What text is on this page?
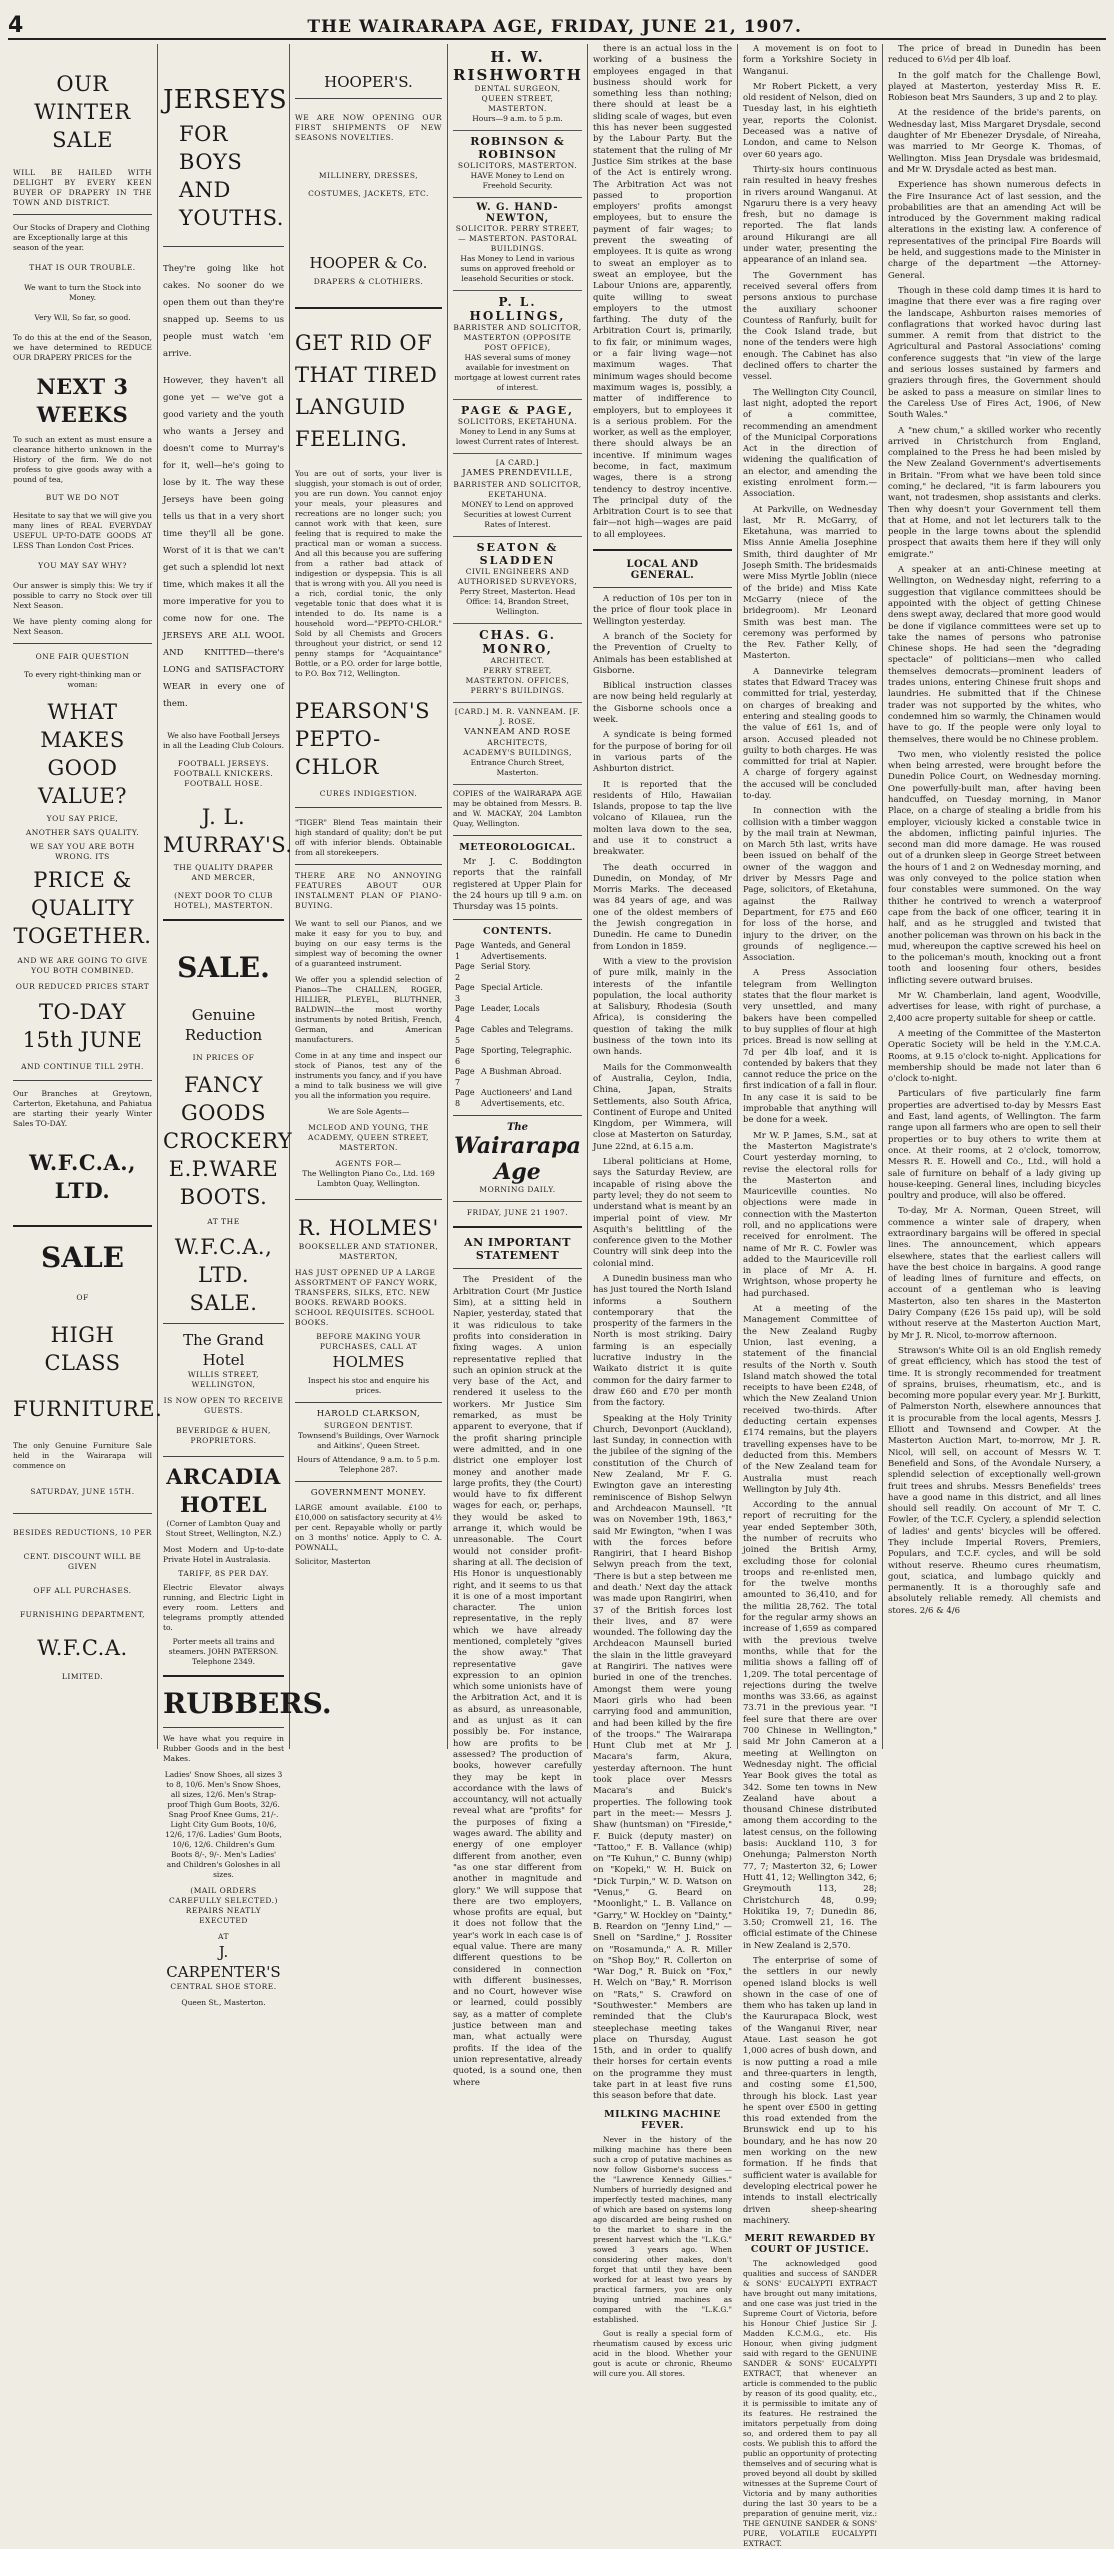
4	THE WAIRARAPA AGE, FRIDAY, JUNE 21, 1907.
OUR WINTER
SALE
WILL BE HAILED WITH DELIGHT BY EVERY KEEN BUYER OF DRAPERY IN THE TOWN AND DISTRICT.
Our Stocks of Drapery and Clothing are Exceptionally large at this season of the year.
THAT IS OUR TROUBLE.
We want to turn the Stock into Money.
Very W.ll, So far, so good.
To do this at the end of the Season, we have determined to REDUCE OUR DRAPERY PRICES for the
NEXT 3 WEEKS
To such an extent as must ensure a clearance hitherto unknown in the History of the firm. We do not profess to give goods away with a pound of tea,
BUT WE DO NOT
Hesitate to say that we will give you many lines of REAL EVERYDAY USEFUL UP-TO-DATE GOODS AT LESS Than London Cost Prices.
YOU MAY SAY WHY?
Our answer is simply this: We try if possible to carry no Stock over till Next Season.
We have plenty coming along for Next Season.
ONE FAIR QUESTION
To every right-thinking man or woman:
WHAT MAKES
GOOD VALUE?
YOU SAY PRICE,
ANOTHER SAYS QUALITY.
WE SAY YOU ARE BOTH WRONG. ITS
PRICE & QUALITY
TOGETHER.
AND WE ARE GOING TO GIVE YOU BOTH COMBINED.
OUR REDUCED PRICES START
TO-DAY 15th JUNE
AND CONTINUE TILL 29TH.
Our Branches at Greytown, Carterton, Eketahuna, and Pahiatua are starting their yearly Winter Sales TO-DAY.
W.F.C.A., LTD.
SALE
OF
HIGH CLASS
FURNITURE.
The only Genuine Furniture Sale held in the Wairarapa will commence on
SATURDAY, JUNE 15TH.
BESIDES REDUCTIONS, 10 PER
CENT. DISCOUNT WILL BE GIVEN
OFF ALL PURCHASES.
FURNISHING DEPARTMENT,
W.F.C.A.
LIMITED.
JERSEYS
FOR
BOYS
AND
YOUTHS.
They're going like hot cakes. No sooner do we open them out than they're snapped up. Seems to us people must watch 'em arrive.
However, they haven't all gone yet — we've got a good variety and the youth who wants a Jersey and doesn't come to Murray's for it, well—he's going to lose by it. The way these Jerseys have been going tells us that in a very short time they'll all be gone. Worst of it is that we can't get such a splendid lot next time, which makes it all the more imperative for you to come now for one. The JERSEYS ARE ALL WOOL AND KNITTED—there's LONG and SATISFACTORY WEAR in every one of them.
We also have Football Jerseys in all the Leading Club Colours.
FOOTBALL JERSEYS. FOOTBALL KNICKERS. FOOTBALL HOSE.
J. L. MURRAY'S.
THE QUALITY DRAPER AND MERCER,
(NEXT DOOR TO CLUB HOTEL), MASTERTON.
SALE.
Genuine Reduction
IN PRICES OF
FANCY GOODS
CROCKERY
E.P.WARE
BOOTS.
AT THE
W.F.C.A., LTD.
SALE.
The Grand Hotel
WILLIS STREET, WELLINGTON,
IS NOW OPEN TO RECEIVE GUESTS.
BEVERIDGE & HUEN, PROPRIETORS.
ARCADIA HOTEL
(Corner of Lambton Quay and Stout Street, Wellington, N.Z.)
Most Modern and Up-to-date Private Hotel in Australasia.
TARIFF, 8S PER DAY.
Electric Elevator always running, and Electric Light in every room. Letters and telegrams promptly attended to.
Porter meets all trains and steamers. JOHN PATERSON. Telephone 2349.
RUBBERS.
We have what you require in Rubber Goods and in the best Makes.
Ladies' Snow Shoes, all sizes 3 to 8, 10/6. Men's Snow Shoes, all sizes, 12/6. Men's Strap-proof Thigh Gum Boots, 32/6. Snag Proof Knee Gums, 21/-. Light City Gum Boots, 10/6, 12/6, 17/6. Ladies' Gum Boots, 10/6, 12/6. Children's Gum Boots 8/-, 9/-. Men's Ladies' and Children's Goloshes in all sizes.
(MAIL ORDERS CAREFULLY SELECTED.) REPAIRS NEATLY EXECUTED
AT
J. CARPENTER'S
CENTRAL SHOE STORE.
Queen St., Masterton.
HOOPER'S.
WE ARE NOW OPENING OUR FIRST SHIPMENTS OF NEW SEASONS NOVELTIES.
MILLINERY, DRESSES, COSTUMES, JACKETS, ETC.
HOOPER & Co.
DRAPERS & CLOTHIERS.
GET RID OF
THAT TIRED
LANGUID
FEELING.
You are out of sorts, your liver is sluggish, your stomach is out of order, you are run down. You cannot enjoy your meals, your pleasures and recreations are no longer such; you cannot work with that keen, sure feeling that is required to make the practical man or woman a success. And all this because you are suffering from a rather bad attack of indigestion or dyspepsia. This is all that is wrong with you. All you need is a rich, cordial tonic, the only vegetable tonic that does what it is intended to do. Its name is a household word—"PEPTO-CHLOR." Sold by all Chemists and Grocers throughout your district, or send 12 penny stamps for "Acquaintance" Bottle, or a P.O. order for large bottle, to P.O. Box 712, Wellington.
PEARSON'S
PEPTO-CHLOR
CURES INDIGESTION.
"TIGER" Blend Teas maintain their high standard of quality; don't be put off with inferior blends. Obtainable from all storekeepers.
THERE ARE NO ANNOYING FEATURES ABOUT OUR INSTALMENT PLAN OF PIANO-BUYING.
We want to sell our Pianos, and we make it easy for you to buy, and buying on our easy terms is the simplest way of becoming the owner of a guaranteed instrument.
We offer you a splendid selection of Pianos—The CHALLEN, ROGER, HILLIER, PLEYEL, BLUTHNER, BALDWIN—the most worthy instruments by noted British, French, German, and American manufacturers.
Come in at any time and inspect our stock of Pianos, test any of the instruments you fancy, and if you have a mind to talk business we will give you all the information you require.
We are Sole Agents—
MCLEOD AND YOUNG, THE ACADEMY, QUEEN STREET, MASTERTON.
AGENTS FOR—
The Wellington Piano Co., Ltd. 169 Lambton Quay, Wellington.
R. HOLMES'
BOOKSELLER AND STATIONER,
MASTERTON,
HAS JUST OPENED UP A LARGE ASSORTMENT OF FANCY WORK, TRANSFERS, SILKS, ETC. NEW BOOKS. REWARD BOOKS. SCHOOL REQUISITES. SCHOOL BOOKS.
BEFORE MAKING YOUR PURCHASES, CALL AT
HOLMES
Inspect his stoc and enquire his prices.
HAROLD CLARKSON,
SURGEON DENTIST.
Townsend's Buildings, Over Warnock and Aitkins', Queen Street.
Hours of Attendance, 9 a.m. to 5 p.m. Telephone 287.
GOVERNMENT MONEY.
LARGE amount available. £100 to £10,000 on satisfactory security at 4½ per cent. Repayable wholly or partly on 3 months' notice. Apply to C. A. POWNALL,
Solicitor, Masterton
H. W. RISHWORTH
DENTAL SURGEON,
QUEEN STREET, MASTERTON.
Hours—9 a.m. to 5 p.m.
ROBINSON & ROBINSON
SOLICITORS, MASTERTON.
HAVE Money to Lend on Freehold Security.
W. G. HAND-NEWTON,
SOLICITOR. PERRY STREET, — MASTERTON. PASTORAL BUILDINGS.
Has Money to Lend in various sums on approved freehold or leasehold Securities or stock.
P. L. HOLLINGS,
BARRISTER AND SOLICITOR,
MASTERTON (OPPOSITE POST OFFICE),
HAS several sums of money available for investment on mortgage at lowest current rates of interest.
PAGE & PAGE,
SOLICITORS, EKETAHUNA.
Money to Lend in any Sums at lowest Current rates of Interest.
[A CARD.]
JAMES PRENDEVILLE,
BARRISTER AND SOLICITOR, EKETAHUNA.
MONEY to Lend on approved Securities at lowest Current Rates of Interest.
SEATON & SLADDEN
CIVIL ENGINEERS AND AUTHORISED SURVEYORS,
Perry Street, Masterton. Head Office: 14, Brandon Street, Wellington.
CHAS. G. MONRO,
ARCHITECT.
PERRY STREET, MASTERTON. OFFICES, PERRY'S BUILDINGS.
[CARD.] M. R. VANNEAM. [F. J. ROSE.
VANNEAM AND ROSE
ARCHITECTS,
ACADEMY'S BUILDINGS,
Entrance Church Street, Masterton.
COPIES of the WAIRARAPA AGE may be obtained from Messrs. B. and W. MACKAY, 204 Lambton Quay, Wellington.
METEOROLOGICAL.
Mr J. C. Boddington reports that the rainfall registered at Upper Plain for the 24 hours up till 9 a.m. on Thursday was 15 points.
CONTENTS.
Page 1	Wanteds, and General Advertisements.
Page 2	Serial Story.
Page 3	Special Article.
Page 4	Leader, Locals
Page 5	Cables and Telegrams.
Page 6	Sporting, Telegraphic.
Page 7	A Bushman Abroad.
Page 8	Auctioneers' and Land Advertisements, etc.
The
Wairarapa Age
MORNING DAILY.
FRIDAY, JUNE 21 1907.
AN IMPORTANT STATEMENT
The President of the Arbitration Court (Mr Justice Sim), at a sitting held in Napier, yesterday, stated that it was ridiculous to take profits into consideration in fixing wages. A union representative replied that such an opinion struck at the very base of the Act, and rendered it useless to the workers. Mr Justice Sim remarked, as must be apparent to everyone, that if the profit sharing principle were admitted, and in one district one employer lost money and another made large profits, they (the Court) would have to fix different wages for each, or, perhaps, they would be asked to arrange it, which would be unreasonable. The Court would not consider profit-sharing at all. The decision of His Honor is unquestionably right, and it seems to us that it is one of a most important character. The union representative, in the reply which we have already mentioned, completely "gives the show away." That representative gave expression to an opinion which some unionists have of the Arbitration Act, and it is as absurd, as unreasonable, and as unjust as it can possibly be. For instance, how are profits to be assessed? The production of books, however carefully they may be kept in accordance with the laws of accountancy, will not actually reveal what are "profits" for the purposes of fixing a wages award. The ability and energy of one employer different from another, even "as one star different from another in magnitude and glory." We will suppose that there are two employers, whose profits are equal, but it does not follow that the year's work in each case is of equal value. There are many different questions to be considered in connection with different businesses, and no Court, however wise or learned, could possibly say, as a matter of complete justice between man and man, what actually were profits. If the idea of the union representative, already quoted, is a sound one, then where
there is an actual loss in the working of a business the employees engaged in that business should work for something less than nothing; there should at least be a sliding scale of wages, but even this has never been suggested by the Labour Party. But the statement that the ruling of Mr Justice Sim strikes at the base of the Act is entirely wrong. The Arbitration Act was not passed to proportion employers' profits amongst employees, but to ensure the payment of fair wages; to prevent the sweating of employees. It is quite as wrong to sweat an employer as to sweat an employee, but the Labour Unions are, apparently, quite willing to sweat employers to the utmost farthing. The duty of the Arbitration Court is, primarily, to fix fair, or minimum wages, or a fair living wage—not maximum wages. That minimum wages should become maximum wages is, possibly, a matter of indifference to employers, but to employees it is a serious problem. For the worker, as well as the employer, there should always be an incentive. If minimum wages become, in fact, maximum wages, there is a strong tendency to destroy incentive. The principal duty of the Arbitration Court is to see that fair—not high—wages are paid to all employees.
LOCAL AND GENERAL.
A reduction of 10s per ton in the price of flour took place in Wellington yesterday.
A branch of the Society for the Prevention of Cruelty to Animals has been established at Gisborne.
Biblical instruction classes are now being held regularly at the Gisborne schools once a week.
A syndicate is being formed for the purpose of boring for oil in various parts of the Ashburton district.
It is reported that the residents of Hilo, Hawaiian Islands, propose to tap the live volcano of Kilauea, run the molten lava down to the sea, and use it to construct a breakwater.
The death occurred in Dunedin, on Monday, of Mr Morris Marks. The deceased was 84 years of age, and was one of the oldest members of the Jewish congregation in Dunedin. He came to Dunedin from London in 1859.
With a view to the provision of pure milk, mainly in the interests of the infantile population, the local authority at Salisbury, Rhodesia (South Africa), is considering the question of taking the milk business of the town into its own hands.
Mails for the Commonwealth of Australia, Ceylon, India, China, Japan, Straits Settlements, also South Africa, Continent of Europe and United Kingdom, per Wimmera, will close at Masterton on Saturday, June 22nd, at 6.15 a.m.
Liberal politicians at Home, says the Saturday Review, are incapable of rising above the party level; they do not seem to understand what is meant by an imperial point of view. Mr Asquith's belittling of the conference given to the Mother Country will sink deep into the colonial mind.
A Dunedin business man who has just toured the North Island informs a Southern contemporary that the prosperity of the farmers in the North is most striking. Dairy farming is an especially lucrative industry in the Waikato district it is quite common for the dairy farmer to draw £60 and £70 per month from the factory.
Speaking at the Holy Trinity Church, Devonport (Auckland), last Sunday, in connection with the jubilee of the signing of the constitution of the Church of New Zealand, Mr F. G. Ewington gave an interesting reminiscence of Bishop Selwyn and Archdeacon Maunsell. "It was on November 19th, 1863," said Mr Ewington, "when I was with the forces before Rangiriri, that I heard Bishop Selwyn preach from the text, 'There is but a step between me and death.' Next day the attack was made upon Rangiriri, when 37 of the British forces lost their lives, and 87 were wounded. The following day the Archdeacon Maunsell buried the slain in the little graveyard at Rangiriri. The natives were buried in one of the trenches. Amongst them were young Maori girls who had been carrying food and ammunition, and had been killed by the fire of the troops." The Wairarapa Hunt Club met at Mr J. Macara's farm, Akura, yesterday afternoon. The hunt took place over Messrs Macara's and Buick's properties. The following took part in the meet:— Messrs J. Shaw (huntsman) on "Fireside," F. Buick (deputy master) on "Tattoo," F. B. Vallance (whip) on "Te Kuhun," C. Bunny (whip) on "Kopeki," W. H. Buick on "Dick Turpin," W. D. Watson on "Venus," G. Beard on "Moonlight," L. B. Vallance on "Garry," W. Hockley on "Dainty," B. Reardon on "Jenny Lind," — Snell on "Sardine," J. Rossiter on "Rosamunda," A. R. Miller on "Shop Boy," R. Collerton on "War Dog," R. Buick on "Fox," H. Welch on "Bay," R. Morrison on "Rats," S. Crawford on "Southwester." Members are reminded that the Club's steeplechase meeting takes place on Thursday, August 15th, and in order to qualify their horses for certain events on the programme they must take part in at least five runs this season before that date.
MILKING MACHINE FEVER.
Never in the history of the milking machine has there been such a crop of putative machines as now follow Gisborne's success — the "Lawrence Kennedy Gillies." Numbers of hurriedly designed and imperfectly tested machines, many of which are based on systems long ago discarded are being rushed on to the market to share in the present harvest which the "L.K.G." sowed 3 years ago. When considering other makes, don't forget that until they have been worked for at least two years by practical farmers, you are only buying untried machines as compared with the "L.K.G." established.
Gout is really a special form of rheumatism caused by excess uric acid in the blood. Whether your gout is acute or chronic, Rheumo will cure you. All stores.
A movement is on foot to form a Yorkshire Society in Wanganui.
Mr Robert Pickett, a very old resident of Nelson, died on Tuesday last, in his eightieth year, reports the Colonist. Deceased was a native of London, and came to Nelson over 60 years ago.
Thirty-six hours continuous rain resulted in heavy freshes in rivers around Wanganui. At Ngaruru there is a very heavy fresh, but no damage is reported. The flat lands around Hikurangi are all under water, presenting the appearance of an inland sea.
The Government has received several offers from persons anxious to purchase the auxiliary schooner Countess of Ranfurly, built for the Cook Island trade, but none of the tenders were high enough. The Cabinet has also declined offers to charter the vessel.
The Wellington City Council, last night, adopted the report of a committee, recommending an amendment of the Municipal Corporations Act in the direction of widening the qualification of an elector, and amending the existing enrolment form.—Association.
At Parkville, on Wednesday last, Mr R. McGarry, of Eketahuna, was married to Miss Annie Amelia Josephine Smith, third daughter of Mr Joseph Smith. The bridesmaids were Miss Myrtle Joblin (niece of the bride) and Miss Kate McGarry (niece of the bridegroom). Mr Leonard Smith was best man. The ceremony was performed by the Rev. Father Kelly, of Masterton.
A Dannevirke telegram states that Edward Tracey was committed for trial, yesterday, on charges of breaking and entering and stealing goods to the value of £61 1s, and of arson. Accused pleaded not guilty to both charges. He was committed for trial at Napier. A charge of forgery against the accused will be concluded to-day.
In connection with the collision with a timber waggon by the mail train at Newman, on March 5th last, writs have been issued on behalf of the owner of the waggon and driver by Messrs Page and Page, solicitors, of Eketahuna, against the Railway Department, for £75 and £60 for loss of the horse, and injury to the driver, on the grounds of negligence.—Association.
A Press Association telegram from Wellington states that the flour market is very unsettled, and many bakers have been compelled to buy supplies of flour at high prices. Bread is now selling at 7d per 4lb loaf, and it is contended by bakers that they cannot reduce the price on the first indication of a fall in flour. In any case it is said to be improbable that anything will be done for a week.
Mr W. P. James, S.M., sat at the Masterton Magistrate's Court yesterday morning, to revise the electoral rolls for the Masterton and Mauriceville counties. No objections were made in connection with the Masterton roll, and no applications were received for enrolment. The name of Mr R. C. Fowler was added to the Mauriceville roll in place of Mr A. H. Wrightson, whose property he had purchased.
At a meeting of the Management Committee of the New Zealand Rugby Union, last evening, a statement of the financial results of the North v. South Island match showed the total receipts to have been £248, of which the New Zealand Union received two-thirds. After deducting certain expenses £174 remains, but the players travelling expenses have to be deducted from this. Members of the New Zealand team for Australia must reach Wellington by July 4th.
According to the annual report of recruiting for the year ended September 30th, the number of recruits who joined the British Army, excluding those for colonial troops and re-enlisted men, for the twelve months amounted to 36,410, and for the militia 28,762. The total for the regular army shows an increase of 1,659 as compared with the previous twelve months, while that for the militia shows a falling off of 1,209. The total percentage of rejections during the twelve months was 33.66, as against 73.71 in the previous year. "I feel sure that there are over 700 Chinese in Wellington," said Mr John Cameron at a meeting at Wellington on Wednesday night. The official Year Book gives the total as 342. Some ten towns in New Zealand have about a thousand Chinese distributed among them according to the latest census, on the following basis: Auckland 110, 3 for Onehunga; Palmerston North 77, 7; Masterton 32, 6; Lower Hutt 41, 12; Wellington 342, 6; Greymouth 113, 28; Christchurch 48, 0.99; Hokitika 19, 7; Dunedin 86, 3.50; Cromwell 21, 16. The official estimate of the Chinese in New Zealand is 2,570.
The enterprise of some of the settlers in our newly opened island blocks is well shown in the case of one of them who has taken up land in the Kaururapaca Block, west of the Wanganui River, near Ataue. Last season he got 1,000 acres of bush down, and is now putting a road a mile and three-quarters in length, and costing some £1,500, through his block. Last year he spent over £500 in getting this road extended from the Brunswick end up to his boundary, and he has now 20 men working on the new formation. If he finds that sufficient water is available for developing electrical power he intends to install electrically driven sheep-shearing machinery.
MERIT REWARDED BY COURT OF JUSTICE.
The acknowledged good qualities and success of SANDER & SONS' EUCALYPTI EXTRACT have brought out many imitations, and one case was just tried in the Supreme Court of Victoria, before his Honour Chief Justice Sir J. Madden K.C.M.G., etc. His Honour, when giving judgment said with regard to the GENUINE SANDER & SONS' EUCALYPTI EXTRACT, that whenever an article is commended to the public by reason of its good quality, etc., it is permissible to imitate any of its features. He restrained the imitators perpetually from doing so, and ordered them to pay all costs. We publish this to afford the public an opportunity of protecting themselves and of securing what is proved beyond all doubt by skilled witnesses at the Supreme Court of Victoria and by many authorities during the last 30 years to be a preparation of genuine merit, viz.: THE GENUINE SANDER & SONS' PURE, VOLATILE EUCALYPTI EXTRACT.
The price of bread in Dunedin has been reduced to 6½d per 4lb loaf.
In the golf match for the Challenge Bowl, played at Masterton, yesterday Miss R. E. Robieson beat Mrs Saunders, 3 up and 2 to play.
At the residence of the bride's parents, on Wednesday last, Miss Margaret Drysdale, second daughter of Mr Ebenezer Drysdale, of Nireaha, was married to Mr George K. Thomas, of Wellington. Miss Jean Drysdale was bridesmaid, and Mr W. Drysdale acted as best man.
Experience has shown numerous defects in the Fire Insurance Act of last session, and the probabilities are that an amending Act will be introduced by the Government making radical alterations in the existing law. A conference of representatives of the principal Fire Boards will be held, and suggestions made to the Minister in charge of the department —the Attorney-General.
Though in these cold damp times it is hard to imagine that there ever was a fire raging over the landscape, Ashburton raises memories of conflagrations that worked havoc during last summer. A remit from that district to the Agricultural and Pastoral Associations' coming conference suggests that "in view of the large and serious losses sustained by farmers and graziers through fires, the Government should be asked to pass a measure on similar lines to the Careless Use of Fires Act, 1906, of New South Wales."
A "new chum," a skilled worker who recently arrived in Christchurch from England, complained to the Press he had been misled by the New Zealand Government's advertisements in Britain. "From what we have been told since coming," he declared, "it is farm labourers you want, not tradesmen, shop assistants and clerks. Then why doesn't your Government tell them that at Home, and not let lecturers talk to the people in the large towns about the splendid prospect that awaits them here if they will only emigrate."
A speaker at an anti-Chinese meeting at Wellington, on Wednesday night, referring to a suggestion that vigilance committees should be appointed with the object of getting Chinese dens swept away, declared that more good would be done if vigilance committees were set up to take the names of persons who patronise Chinese shops. He had seen the "degrading spectacle" of politicians—men who called themselves democrats—prominent leaders of trades unions, entering Chinese fruit shops and laundries. He submitted that if the Chinese trader was not supported by the whites, who condemned him so warmly, the Chinamen would have to go. If the people were only loyal to themselves, there would be no Chinese problem.
Two men, who violently resisted the police when being arrested, were brought before the Dunedin Police Court, on Wednesday morning. One powerfully-built man, after having been handcuffed, on Tuesday morning, in Manor Place, on a charge of stealing a bridle from his employer, viciously kicked a constable twice in the abdomen, inflicting painful injuries. The second man did more damage. He was roused out of a drunken sleep in George Street between the hours of 1 and 2 on Wednesday morning, and was only conveyed to the police station when four constables were summoned. On the way thither he contrived to wrench a waterproof cape from the back of one officer, tearing it in half, and as he struggled and twisted that another policeman was thrown on his back in the mud, whereupon the captive screwed his heel on to the policeman's mouth, knocking out a front tooth and loosening four others, besides inflicting severe outward bruises.
Mr W. Chamberlain, land agent, Woodville, advertises for lease, with right of purchase, a 2,400 acre property suitable for sheep or cattle.
A meeting of the Committee of the Masterton Operatic Society will be held in the Y.M.C.A. Rooms, at 9.15 o'clock to-night. Applications for membership should be made not later than 6 o'clock to-night.
Particulars of five particularly fine farm properties are advertised to-day by Messrs East and East, land agents, of Wellington. The farm range upon all farmers who are open to sell their properties or to buy others to write them at once. At their rooms, at 2 o'clock, tomorrow, Messrs R. E. Howell and Co., Ltd., will hold a sale of furniture on behalf of a lady giving up house-keeping. General lines, including bicycles poultry and produce, will also be offered.
To-day, Mr A. Norman, Queen Street, will commence a winter sale of drapery, when extraordinary bargains will be offered in special lines. The announcement, which appears elsewhere, states that the earliest callers will have the best choice in bargains. A good range of leading lines of furniture and effects, on account of a gentleman who is leaving Masterton, also ten shares in the Masterton Dairy Company (£26 15s paid up), will be sold without reserve at the Masterton Auction Mart, by Mr J. R. Nicol, to-morrow afternoon.
Strawson's White Oil is an old English remedy of great efficiency, which has stood the test of time. It is strongly recommended for treatment of sprains, bruises, rheumatism, etc., and is becoming more popular every year. Mr J. Burkitt, of Palmerston North, elsewhere announces that it is procurable from the local agents, Messrs J. Elliott and Townsend and Cowper. At the Masterton Auction Mart, to-morrow, Mr J. R. Nicol, will sell, on account of Messrs W. T. Benefield and Sons, of the Avondale Nursery, a splendid selection of exceptionally well-grown fruit trees and shrubs. Messrs Benefields' trees have a good name in this district, and all lines should sell readily. On account of Mr T. C. Fowler, of the T.C.F. Cyclery, a splendid selection of ladies' and gents' bicycles will be offered. They include Imperial Rovers, Premiers, Populars, and T.C.F. cycles, and will be sold without reserve. Rheumo cures rheumatism, gout, sciatica, and lumbago quickly and permanently. It is a thoroughly safe and absolutely reliable remedy. All chemists and stores. 2/6 & 4/6
